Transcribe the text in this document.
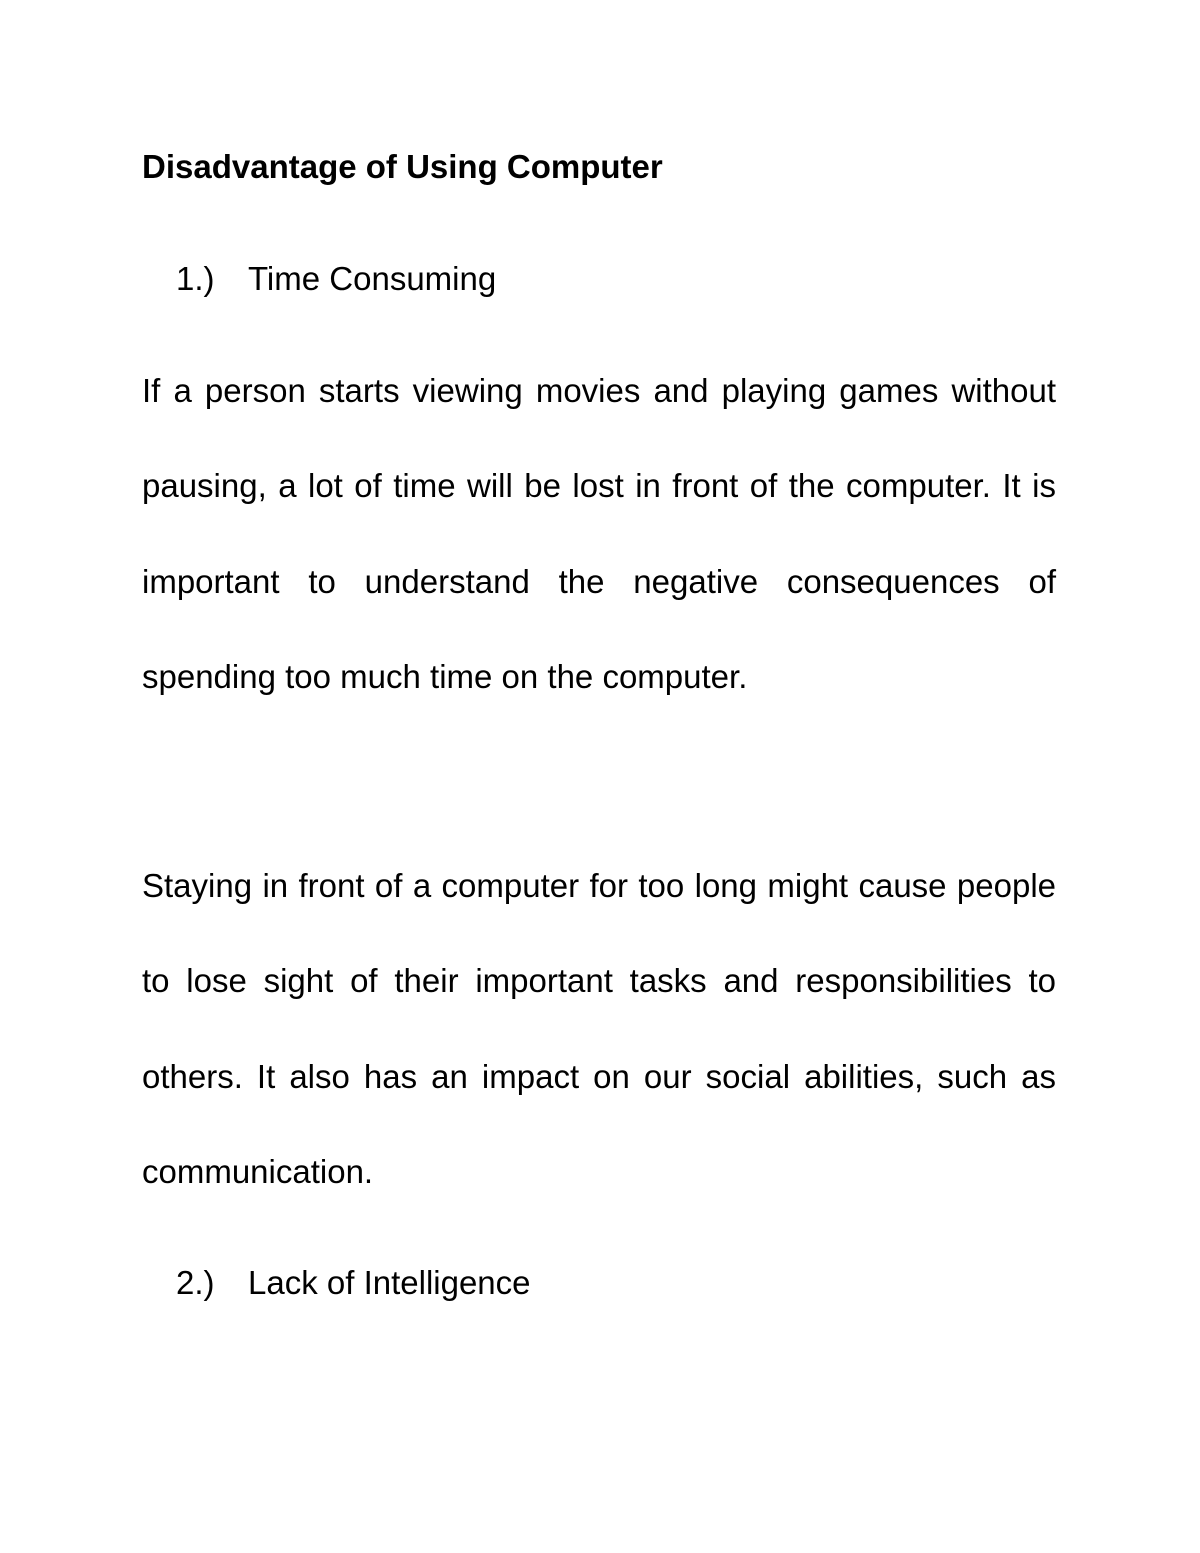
Disadvantage of Using Computer
1.) Time Consuming

If a person starts viewing movies and playing games without pausing, a lot of time will be lost in front of the computer. It is important to understand the negative consequences of spending too much time on the computer.

Staying in front of a computer for too long might cause people to lose sight of their important tasks and responsibilities to others. It also has an impact on our social abilities, such as communication.

2.) Lack of Intelligence
